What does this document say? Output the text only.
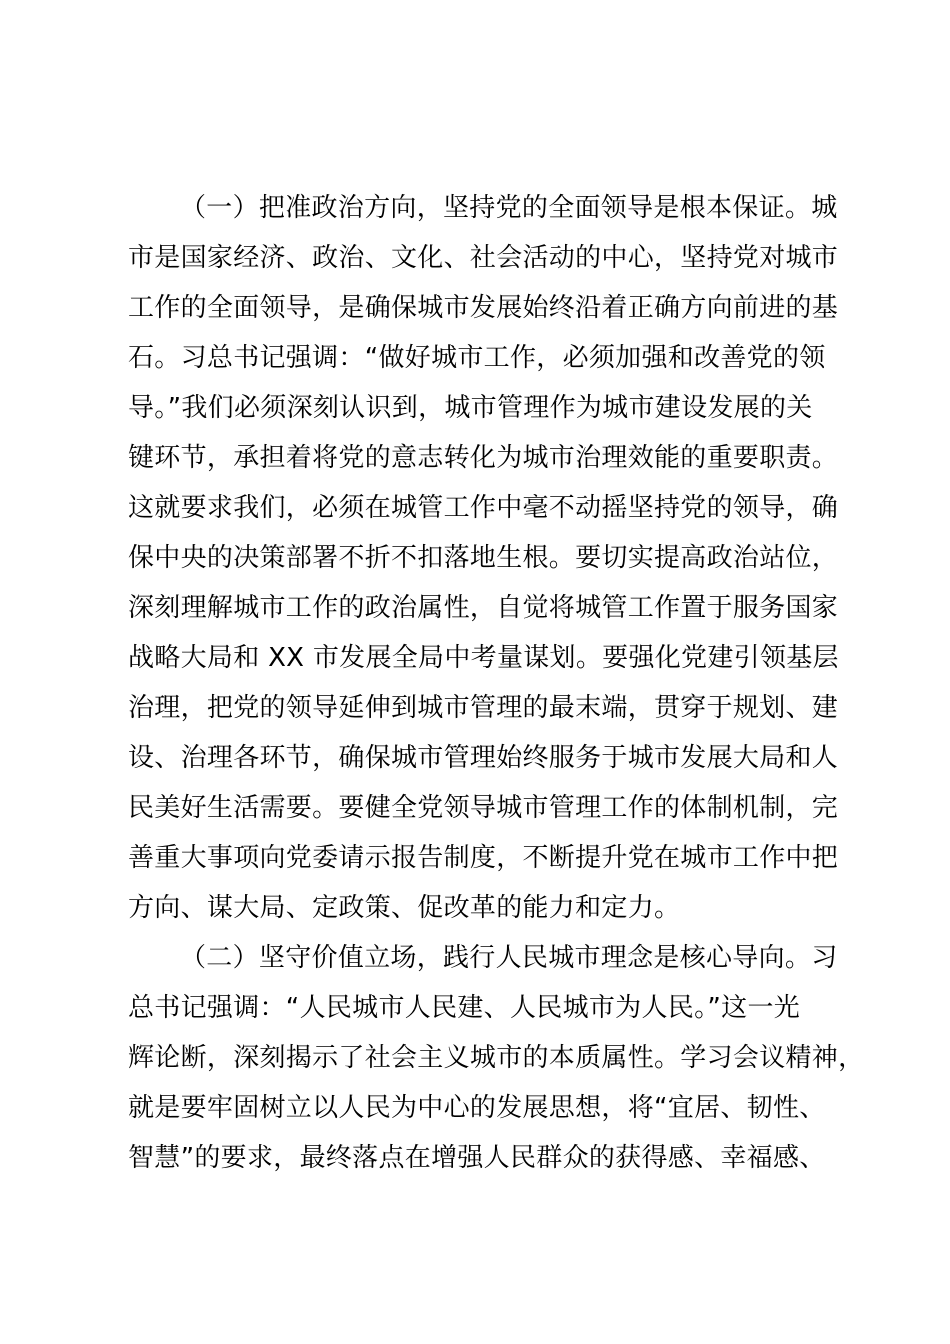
（一）把准政治方向，坚持党的全面领导是根本保证。城
市是国家经济、政治、文化、社会活动的中心，坚持党对城市
工作的全面领导，是确保城市发展始终沿着正确方向前进的基
石。习总书记强调：“做好城市工作，必须加强和改善党的领
导。”我们必须深刻认识到，城市管理作为城市建设发展的关
键环节，承担着将党的意志转化为城市治理效能的重要职责。
这就要求我们，必须在城管工作中毫不动摇坚持党的领导，确
保中央的决策部署不折不扣落地生根。要切实提高政治站位，
深刻理解城市工作的政治属性，自觉将城管工作置于服务国家
战略大局和 XX 市发展全局中考量谋划。要强化党建引领基层
治理，把党的领导延伸到城市管理的最末端，贯穿于规划、建
设、治理各环节，确保城市管理始终服务于城市发展大局和人
民美好生活需要。要健全党领导城市管理工作的体制机制，完
善重大事项向党委请示报告制度，不断提升党在城市工作中把
方向、谋大局、定政策、促改革的能力和定力。
（二）坚守价值立场，践行人民城市理念是核心导向。习
总书记强调：“人民城市人民建、人民城市为人民。”这一光
辉论断，深刻揭示了社会主义城市的本质属性。学习会议精神，
就是要牢固树立以人民为中心的发展思想，将“宜居、韧性、
智慧”的要求，最终落点在增强人民群众的获得感、幸福感、
